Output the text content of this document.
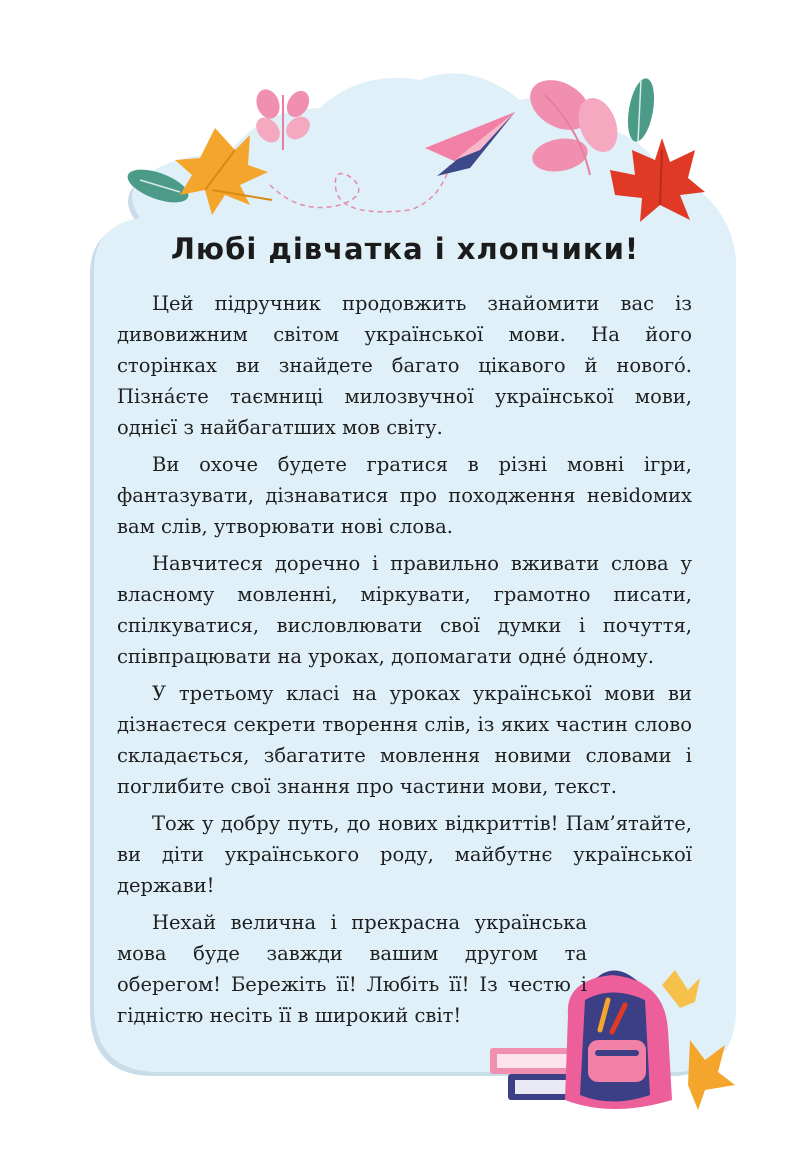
Любі дівчатка і хлопчики!

Цей підручник продовжить знайомити вас із дивовижним світом української мови. На його сторінках ви знайдете багато цікавого й нового́. Пізна́єте таємниці милозвучної української мови, однієї з найбагатших мов світу.

Ви охоче будете гратися в різні мовні ігри, фантазувати, дізнаватися про походження невіdомих вам слів, утворювати нові слова.

Навчитеся доречно і правильно вживати слова у власному мовленні, міркувати, грамотно писати, спілкуватися, висловлювати свої думки і почуття, співпрацювати на уроках, допомагати одне́ о́дному.

У третьому класі на уроках української мови ви дізнаєтеся секрети творення слів, із яких частин слово складається, збагатите мовлення новими словами і поглибите свої знання про частини мови, текст.

Тож у добру путь, до нових відкриттів! Пам’ятайте, ви діти українського роду, майбутнє української держави!

Нехай велична і прекрасна українська мова буде завжди вашим другом та оберегом! Бережіть її! Любіть її! Із честю і гідністю несіть її в широкий світ!
